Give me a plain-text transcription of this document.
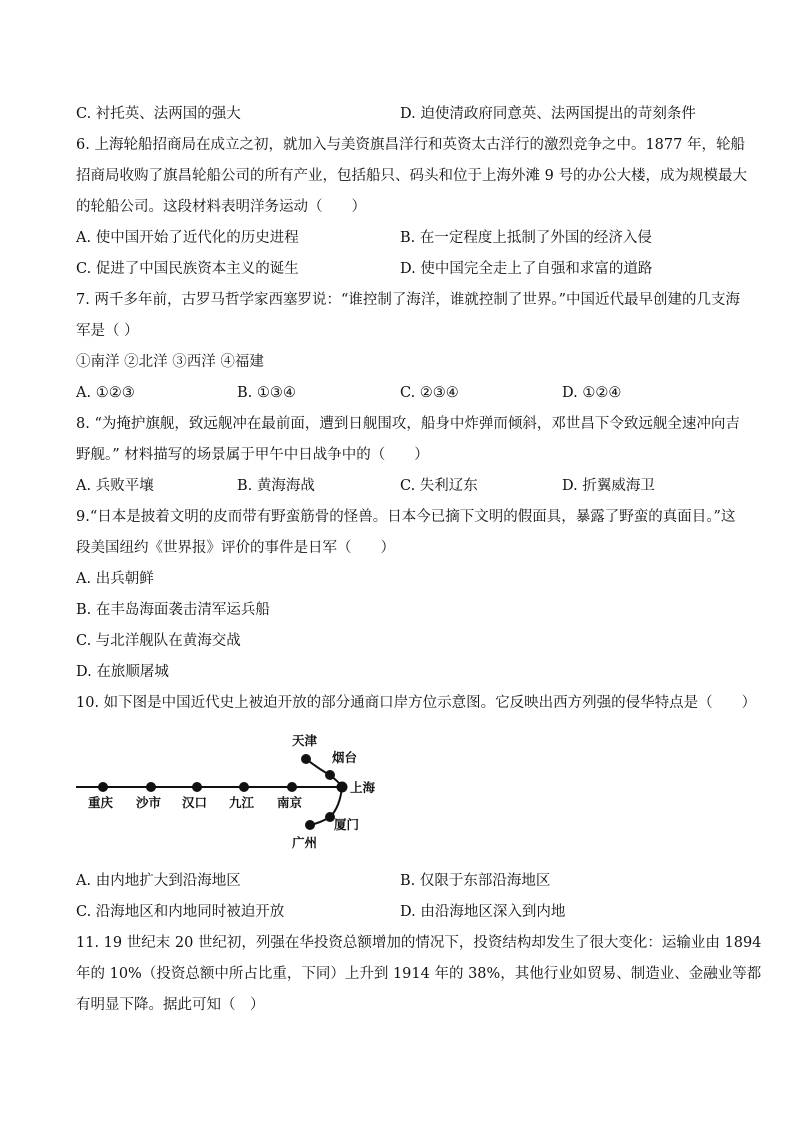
C. 衬托英、法两国的强大	D. 迫使清政府同意英、法两国提出的苛刻条件
6. 上海轮船招商局在成立之初，就加入与美资旗昌洋行和英资太古洋行的激烈竞争之中。1877 年，轮船
招商局收购了旗昌轮船公司的所有产业，包括船只、码头和位于上海外滩 9 号的办公大楼，成为规模最大
的轮船公司。这段材料表明洋务运动（　　）
A. 使中国开始了近代化的历史进程	B. 在一定程度上抵制了外国的经济入侵
C. 促进了中国民族资本主义的诞生	D. 使中国完全走上了自强和求富的道路
7. 两千多年前，古罗马哲学家西塞罗说：“谁控制了海洋，谁就控制了世界。”中国近代最早创建的几支海
军是（ ）
①南洋 ②北洋 ③西洋 ④福建
A. ①②③	B. ①③④	C. ②③④	D. ①②④
8. “为掩护旗舰，致远舰冲在最前面，遭到日舰围攻，船身中炸弹而倾斜，邓世昌下令致远舰全速冲向吉
野舰。” 材料描写的场景属于甲午中日战争中的（　　）
A. 兵败平壤	B. 黄海海战	C. 失利辽东	D. 折翼威海卫
9.“日本是披着文明的皮而带有野蛮筋骨的怪兽。日本今已摘下文明的假面具，暴露了野蛮的真面目。”这
段美国纽约《世界报》评价的事件是日军（　　）
A. 出兵朝鲜
B. 在丰岛海面袭击清军运兵船
C. 与北洋舰队在黄海交战
D. 在旅顺屠城
10. 如下图是中国近代史上被迫开放的部分通商口岸方位示意图。它反映出西方列强的侵华特点是（　　）
重庆 沙市 汉口 九江 南京
上海
天津
烟台
厦门
广州
A. 由内地扩大到沿海地区	B. 仅限于东部沿海地区
C. 沿海地区和内地同时被迫开放	D. 由沿海地区深入到内地
11. 19 世纪末 20 世纪初，列强在华投资总额增加的情况下，投资结构却发生了很大变化：运输业由 1894
年的 10%（投资总额中所占比重，下同）上升到 1914 年的 38%，其他行业如贸易、制造业、金融业等都
有明显下降。据此可知（　）
